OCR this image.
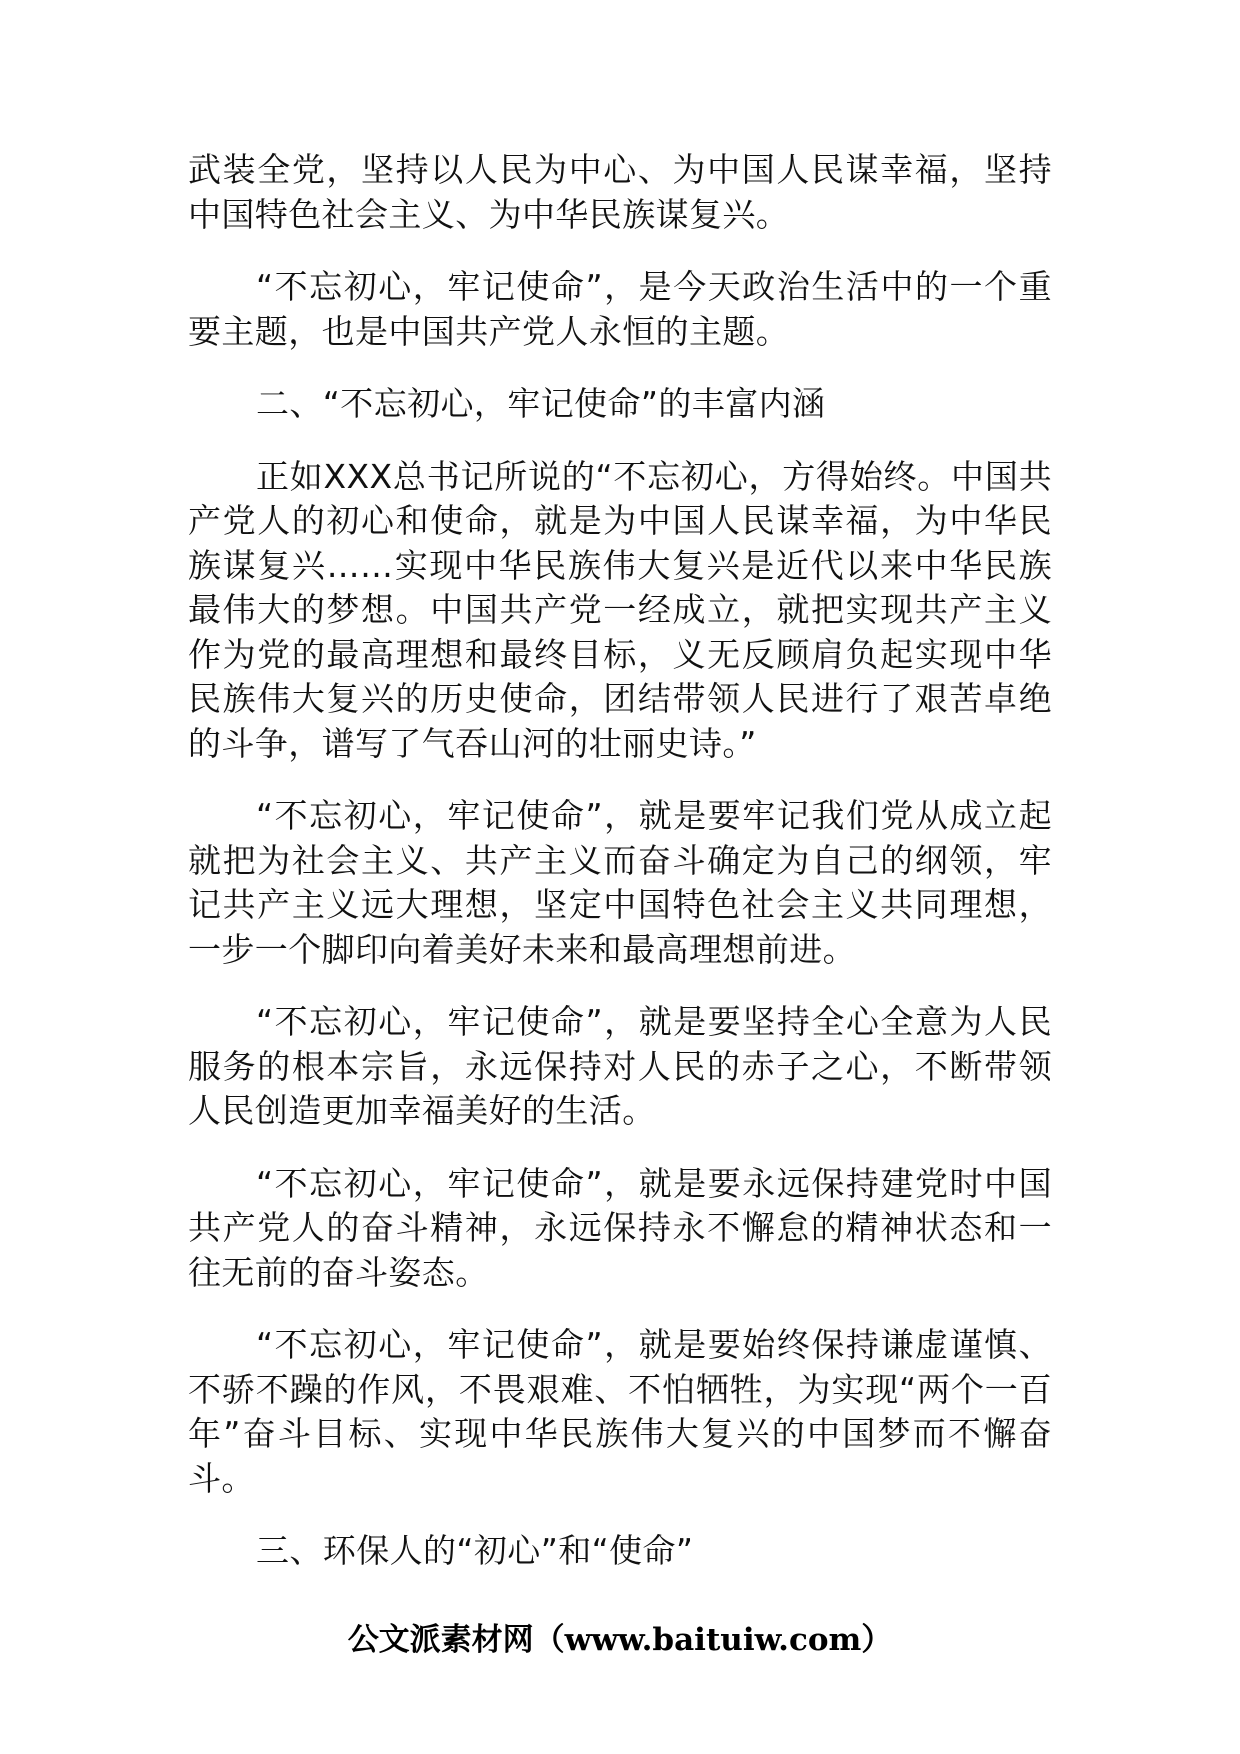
武装全党，坚持以人民为中心、为中国人民谋幸福，坚持中国特色社会主义、为中华民族谋复兴。

“不忘初心，牢记使命”，是今天政治生活中的一个重要主题，也是中国共产党人永恒的主题。

二、“不忘初心，牢记使命”的丰富内涵

正如XXX总书记所说的“不忘初心，方得始终。中国共产党人的初心和使命，就是为中国人民谋幸福，为中华民族谋复兴……实现中华民族伟大复兴是近代以来中华民族最伟大的梦想。中国共产党一经成立，就把实现共产主义作为党的最高理想和最终目标，义无反顾肩负起实现中华民族伟大复兴的历史使命，团结带领人民进行了艰苦卓绝的斗争，谱写了气吞山河的壮丽史诗。”

“不忘初心，牢记使命”，就是要牢记我们党从成立起就把为社会主义、共产主义而奋斗确定为自己的纲领，牢记共产主义远大理想，坚定中国特色社会主义共同理想，一步一个脚印向着美好未来和最高理想前进。

“不忘初心，牢记使命”，就是要坚持全心全意为人民服务的根本宗旨，永远保持对人民的赤子之心，不断带领人民创造更加幸福美好的生活。

“不忘初心，牢记使命”，就是要永远保持建党时中国共产党人的奋斗精神，永远保持永不懈怠的精神状态和一往无前的奋斗姿态。

“不忘初心，牢记使命”，就是要始终保持谦虚谨慎、不骄不躁的作风，不畏艰难、不怕牺牲，为实现“两个一百年”奋斗目标、实现中华民族伟大复兴的中国梦而不懈奋斗。

三、环保人的“初心”和“使命”

公文派素材网（www.baituiw.com）
